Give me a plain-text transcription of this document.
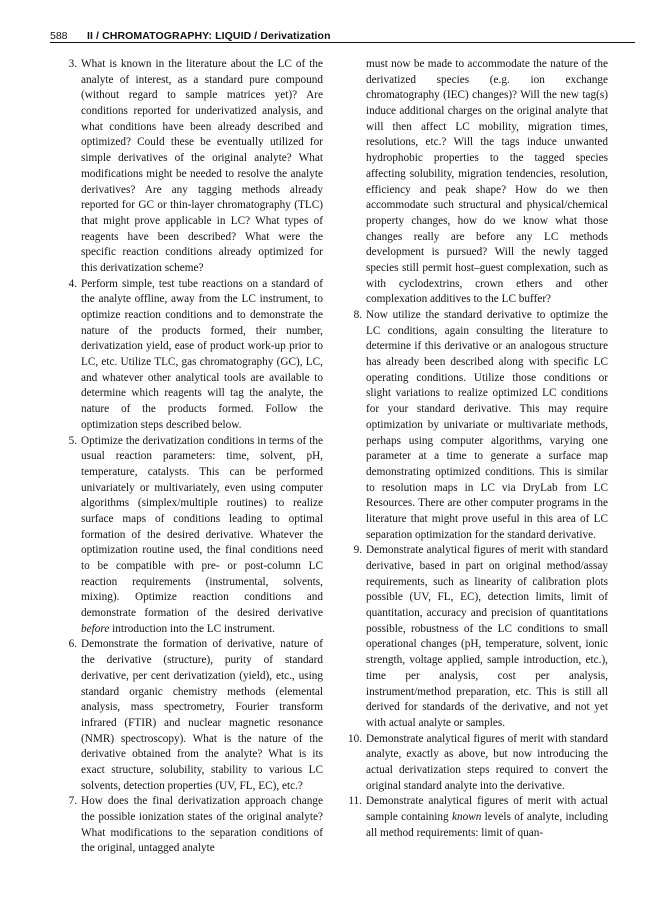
588 II / CHROMATOGRAPHY: LIQUID / Derivatization

3. What is known in the literature about the LC of the analyte of interest, as a standard pure compound (without regard to sample matrices yet)? Are conditions reported for underivatized analysis, and what conditions have been already described and optimized? Could these be eventually utilized for simple derivatives of the original analyte? What modifications might be needed to resolve the analyte derivatives? Are any tagging methods already reported for GC or thin-layer chromatography (TLC) that might prove applicable in LC? What types of reagents have been described? What were the specific reaction conditions already optimized for this derivatization scheme?

4. Perform simple, test tube reactions on a standard of the analyte offline, away from the LC instrument, to optimize reaction conditions and to demonstrate the nature of the products formed, their number, derivatization yield, ease of product work-up prior to LC, etc. Utilize TLC, gas chromatography (GC), LC, and whatever other analytical tools are available to determine which reagents will tag the analyte, the nature of the products formed. Follow the optimization steps described below.

5. Optimize the derivatization conditions in terms of the usual reaction parameters: time, solvent, pH, temperature, catalysts. This can be performed univariately or multivariately, even using computer algorithms (simplex/multiple routines) to realize surface maps of conditions leading to optimal formation of the desired derivative. Whatever the optimization routine used, the final conditions need to be compatible with pre- or post-column LC reaction requirements (instrumental, solvents, mixing). Optimize reaction conditions and demonstrate formation of the desired derivative before introduction into the LC instrument.

6. Demonstrate the formation of derivative, nature of the derivative (structure), purity of standard derivative, per cent derivatization (yield), etc., using standard organic chemistry methods (elemental analysis, mass spectrometry, Fourier transform infrared (FTIR) and nuclear magnetic resonance (NMR) spectroscopy). What is the nature of the derivative obtained from the analyte? What is its exact structure, solubility, stability to various LC solvents, detection properties (UV, FL, EC), etc.?

7. How does the final derivatization approach change the possible ionization states of the original analyte? What modifications to the separation conditions of the original, untagged analyte

must now be made to accommodate the nature of the derivatized species (e.g. ion exchange chromatography (IEC) changes)? Will the new tag(s) induce additional charges on the original analyte that will then affect LC mobility, migration times, resolutions, etc.? Will the tags induce unwanted hydrophobic properties to the tagged species affecting solubility, migration tendencies, resolution, efficiency and peak shape? How do we then accommodate such structural and physical/chemical property changes, how do we know what those changes really are before any LC methods development is pursued? Will the newly tagged species still permit host–guest complexation, such as with cyclodextrins, crown ethers and other complexation additives to the LC buffer?

8. Now utilize the standard derivative to optimize the LC conditions, again consulting the literature to determine if this derivative or an analogous structure has already been described along with specific LC operating conditions. Utilize those conditions or slight variations to realize optimized LC conditions for your standard derivative. This may require optimization by univariate or multivariate methods, perhaps using computer algorithms, varying one parameter at a time to generate a surface map demonstrating optimized conditions. This is similar to resolution maps in LC via DryLab from LC Resources. There are other computer programs in the literature that might prove useful in this area of LC separation optimization for the standard derivative.

9. Demonstrate analytical figures of merit with standard derivative, based in part on original method/assay requirements, such as linearity of calibration plots possible (UV, FL, EC), detection limits, limit of quantitation, accuracy and precision of quantitations possible, robustness of the LC conditions to small operational changes (pH, temperature, solvent, ionic strength, voltage applied, sample introduction, etc.), time per analysis, cost per analysis, instrument/method preparation, etc. This is still all derived for standards of the derivative, and not yet with actual analyte or samples.

10. Demonstrate analytical figures of merit with standard analyte, exactly as above, but now introducing the actual derivatization steps required to convert the original standard analyte into the derivative.

11. Demonstrate analytical figures of merit with actual sample containing known levels of analyte, including all method requirements: limit of quan-
